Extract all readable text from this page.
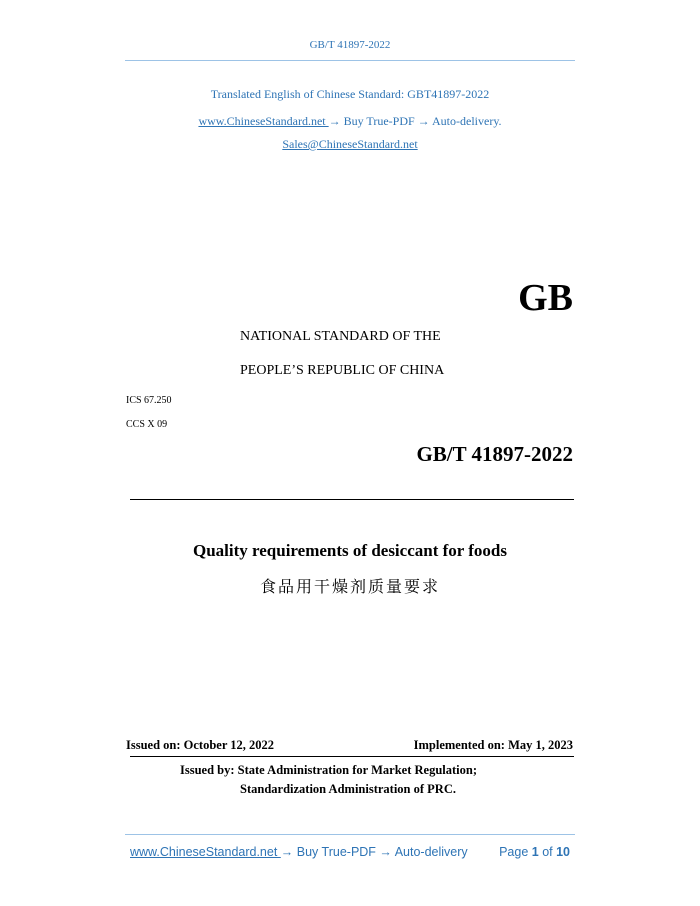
GB/T 41897-2022
Translated English of Chinese Standard: GBT41897-2022
www.ChineseStandard.net → Buy True-PDF → Auto-delivery.
Sales@ChineseStandard.net
GB
NATIONAL STANDARD OF THE
PEOPLE’S REPUBLIC OF CHINA
ICS 67.250
CCS X 09
GB/T 41897-2022
Quality requirements of desiccant for foods
食品用干燥剂质量要求
Issued on: October 12, 2022	Implemented on: May 1, 2023
Issued by: State Administration for Market Regulation;
Standardization Administration of PRC.
www.ChineseStandard.net → Buy True-PDF → Auto-delivery	Page 1 of 10
